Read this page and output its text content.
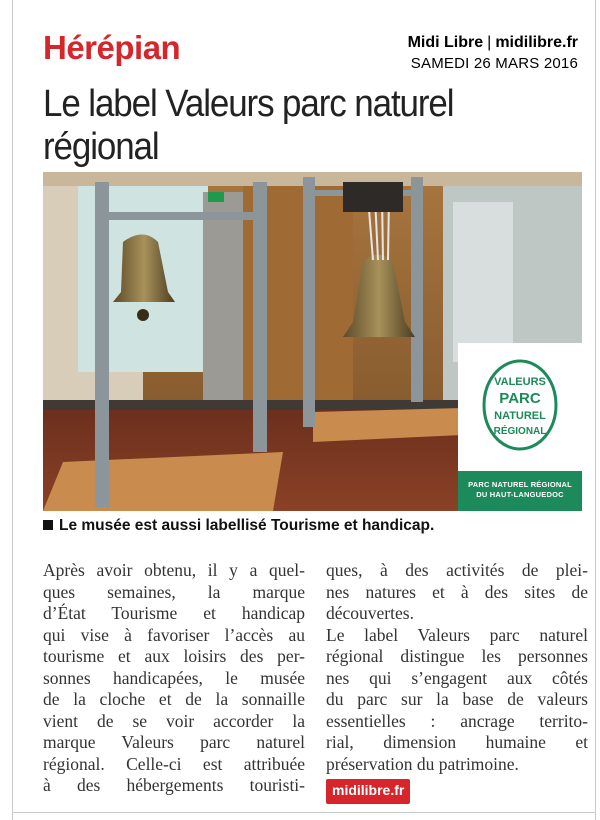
Hérépian	Midi Libre | midilibre.fr
SAMEDI 26 MARS 2016
Le label Valeurs parc naturel régional
VALEURS
PARC
NATUREL
RÉGIONAL
PARC NATUREL RÉGIONAL
DU HAUT-LANGUEDOC
Le musée est aussi labellisé Tourisme et handicap.
Après avoir obtenu, il y a quel-
ques semaines, la marque
d’État Tourisme et handicap
qui vise à favoriser l’accès au
tourisme et aux loisirs des per-
sonnes handicapées, le musée
de la cloche et de la sonnaille
vient de se voir accorder la
marque Valeurs parc naturel
régional. Celle-ci est attribuée
à des hébergements touristi-
ques, à des activités de plei-
nes natures et à des sites de
découvertes.
Le label Valeurs parc naturel
régional distingue les personnes
nes qui s’engagent aux côtés
du parc sur la base de valeurs
essentielles : ancrage territo-
rial, dimension humaine et
préservation du patrimoine.
midilibre.fr
